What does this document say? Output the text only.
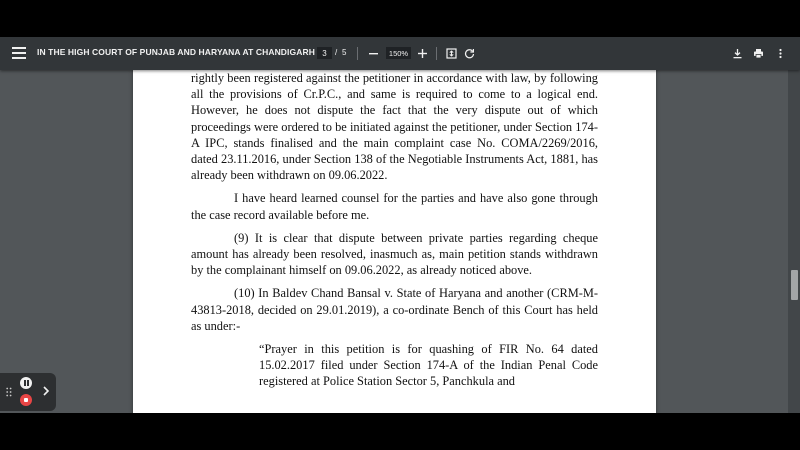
IN THE HIGH COURT OF PUNJAB AND HARYANA AT CHANDIGARH
3	/ 5
150%

rightly been registered against the petitioner in accordance with law, by following all the provisions of Cr.P.C., and same is required to come to a logical end. However, he does not dispute the fact that the very dispute out of which proceedings were ordered to be initiated against the petitioner, under Section 174-A IPC, stands finalised and the main complaint case No. COMA/2269/2016, dated 23.11.2016, under Section 138 of the Negotiable Instruments Act, 1881, has already been withdrawn on 09.06.2022.

I have heard learned counsel for the parties and have also gone through the case record available before me.

(9) It is clear that dispute between private parties regarding cheque amount has already been resolved, inasmuch as, main petition stands withdrawn by the complainant himself on 09.06.2022, as already noticed above.

(10) In Baldev Chand Bansal v. State of Haryana and another (CRM-M-43813-2018, decided on 29.01.2019), a co-ordinate Bench of this Court has held as under:-

“Prayer in this petition is for quashing of FIR No. 64 dated 15.02.2017 filed under Section 174-A of the Indian Penal Code registered at Police Station Sector 5, Panchkula and
